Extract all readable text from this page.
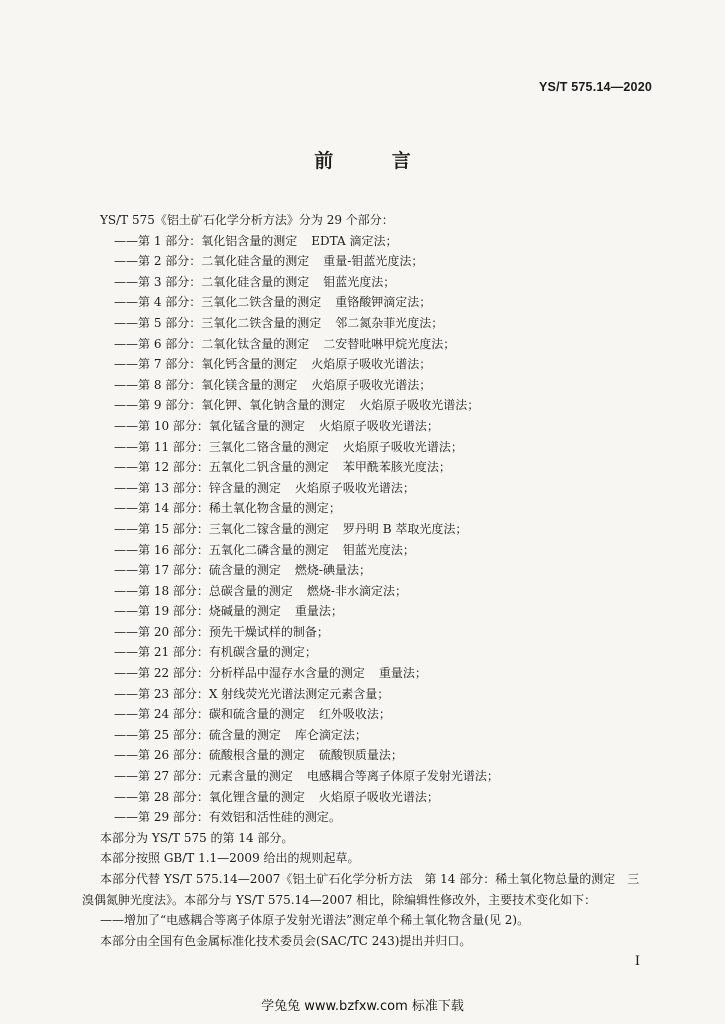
YS/T 575.14—2020
前 言

YS/T 575《铝土矿石化学分析方法》分为 29 个部分：

——第 1 部分：氧化铝含量的测定 EDTA 滴定法；

——第 2 部分：二氧化硅含量的测定 重量-钼蓝光度法；

——第 3 部分：二氧化硅含量的测定 钼蓝光度法；

——第 4 部分：三氧化二铁含量的测定 重铬酸钾滴定法；

——第 5 部分：三氧化二铁含量的测定 邻二氮杂菲光度法；

——第 6 部分：二氧化钛含量的测定 二安替吡啉甲烷光度法；

——第 7 部分：氧化钙含量的测定 火焰原子吸收光谱法；

——第 8 部分：氧化镁含量的测定 火焰原子吸收光谱法；

——第 9 部分：氧化钾、氧化钠含量的测定 火焰原子吸收光谱法；

——第 10 部分：氧化锰含量的测定 火焰原子吸收光谱法；

——第 11 部分：三氧化二铬含量的测定 火焰原子吸收光谱法；

——第 12 部分：五氧化二钒含量的测定 苯甲酰苯胲光度法；

——第 13 部分：锌含量的测定 火焰原子吸收光谱法；

——第 14 部分：稀土氧化物含量的测定；

——第 15 部分：三氧化二镓含量的测定 罗丹明 B 萃取光度法；

——第 16 部分：五氧化二磷含量的测定 钼蓝光度法；

——第 17 部分：硫含量的测定 燃烧-碘量法；

——第 18 部分：总碳含量的测定 燃烧-非水滴定法；

——第 19 部分：烧碱量的测定 重量法；

——第 20 部分：预先干燥试样的制备；

——第 21 部分：有机碳含量的测定；

——第 22 部分：分析样品中湿存水含量的测定 重量法；

——第 23 部分：X 射线荧光光谱法测定元素含量；

——第 24 部分：碳和硫含量的测定 红外吸收法；

——第 25 部分：硫含量的测定 库仑滴定法；

——第 26 部分：硫酸根含量的测定 硫酸钡质量法；

——第 27 部分：元素含量的测定 电感耦合等离子体原子发射光谱法；

——第 28 部分：氧化锂含量的测定 火焰原子吸收光谱法；

——第 29 部分：有效铝和活性硅的测定。

本部分为 YS/T 575 的第 14 部分。

本部分按照 GB/T 1.1—2009 给出的规则起草。

本部分代替 YS/T 575.14—2007《铝土矿石化学分析方法　第 14 部分：稀土氧化物总量的测定　三

溴偶氮胂光度法》。本部分与 YS/T 575.14—2007 相比，除编辑性修改外，主要技术变化如下：

——增加了“电感耦合等离子体原子发射光谱法”测定单个稀土氧化物含量(见 2)。

本部分由全国有色金属标准化技术委员会(SAC/TC 243)提出并归口。

I
学兔兔 www.bzfxw.com 标准下载
